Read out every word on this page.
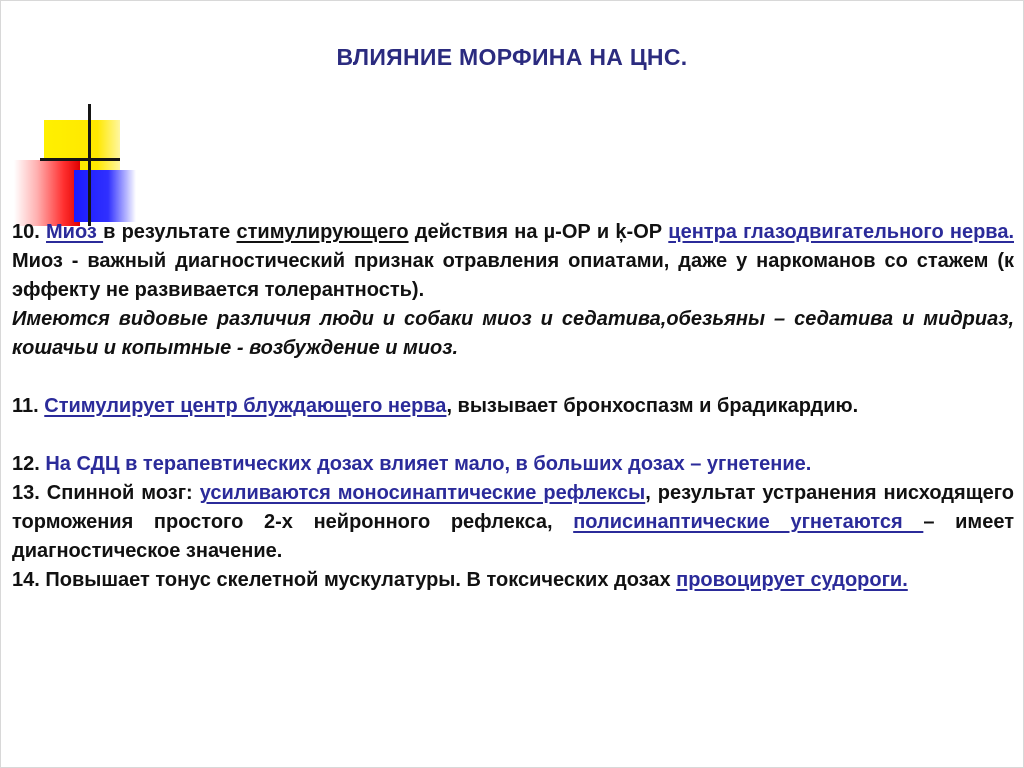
ВЛИЯНИЕ МОРФИНА НА ЦНС.

10. Миоз в результате стимулирующего действия на µ-ОР и ķ-ОР центра глазодвигательного нерва. Миоз - важный диагностический признак отравления опиатами, даже у наркоманов со стажем (к эффекту не развивается толерантность).

Имеются видовые различия люди и собаки миоз и седатива,обезьяны – седатива и мидриаз, кошачьи и копытные - возбуждение и миоз.

11. Стимулирует центр блуждающего нерва, вызывает бронхоспазм и брадикардию.

12. На СДЦ в терапевтических дозах влияет мало, в больших дозах – угнетение.

13. Спинной мозг: усиливаются моносинаптические рефлексы, результат устранения нисходящего торможения простого 2-х нейронного рефлекса, полисинаптические угнетаются – имеет диагностическое значение.

14. Повышает тонус скелетной мускулатуры. В токсических дозах провоцирует судороги.
